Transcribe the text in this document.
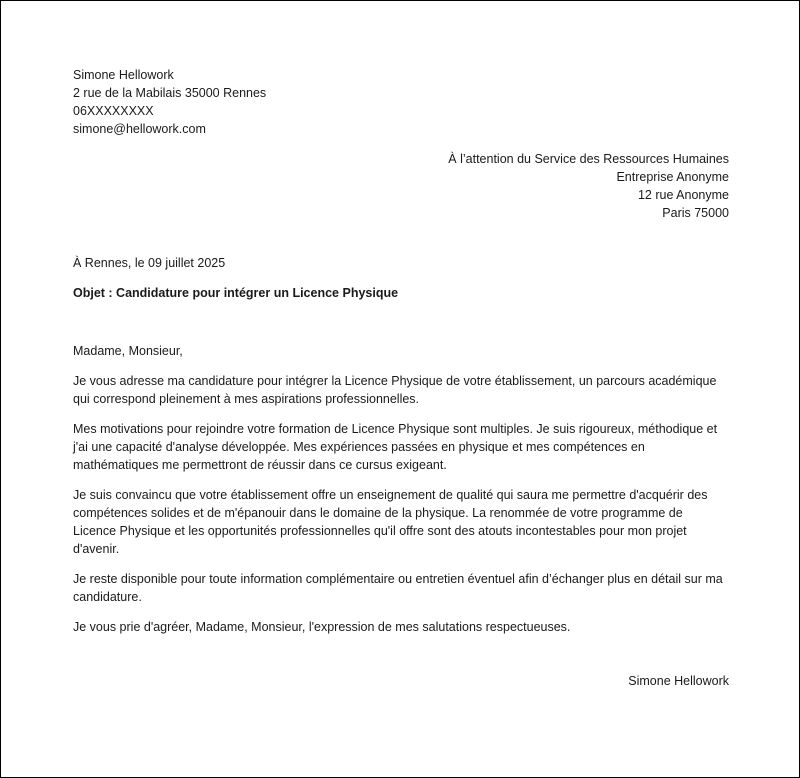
Simone Hellowork
2 rue de la Mabilais 35000 Rennes
06XXXXXXXX
simone@hellowork.com
À l’attention du Service des Ressources Humaines
Entreprise Anonyme
12 rue Anonyme
Paris 75000
À Rennes, le 09 juillet 2025
Objet : Candidature pour intégrer un Licence Physique
Madame, Monsieur,
Je vous adresse ma candidature pour intégrer la Licence Physique de votre établissement, un parcours académique qui correspond pleinement à mes aspirations professionnelles.
Mes motivations pour rejoindre votre formation de Licence Physique sont multiples. Je suis rigoureux, méthodique et j'ai une capacité d'analyse développée. Mes expériences passées en physique et mes compétences en mathématiques me permettront de réussir dans ce cursus exigeant.
Je suis convaincu que votre établissement offre un enseignement de qualité qui saura me permettre d'acquérir des compétences solides et de m'épanouir dans le domaine de la physique. La renommée de votre programme de Licence Physique et les opportunités professionnelles qu'il offre sont des atouts incontestables pour mon projet d'avenir.
Je reste disponible pour toute information complémentaire ou entretien éventuel afin d’échanger plus en détail sur ma candidature.
Je vous prie d'agréer, Madame, Monsieur, l'expression de mes salutations respectueuses.
Simone Hellowork
